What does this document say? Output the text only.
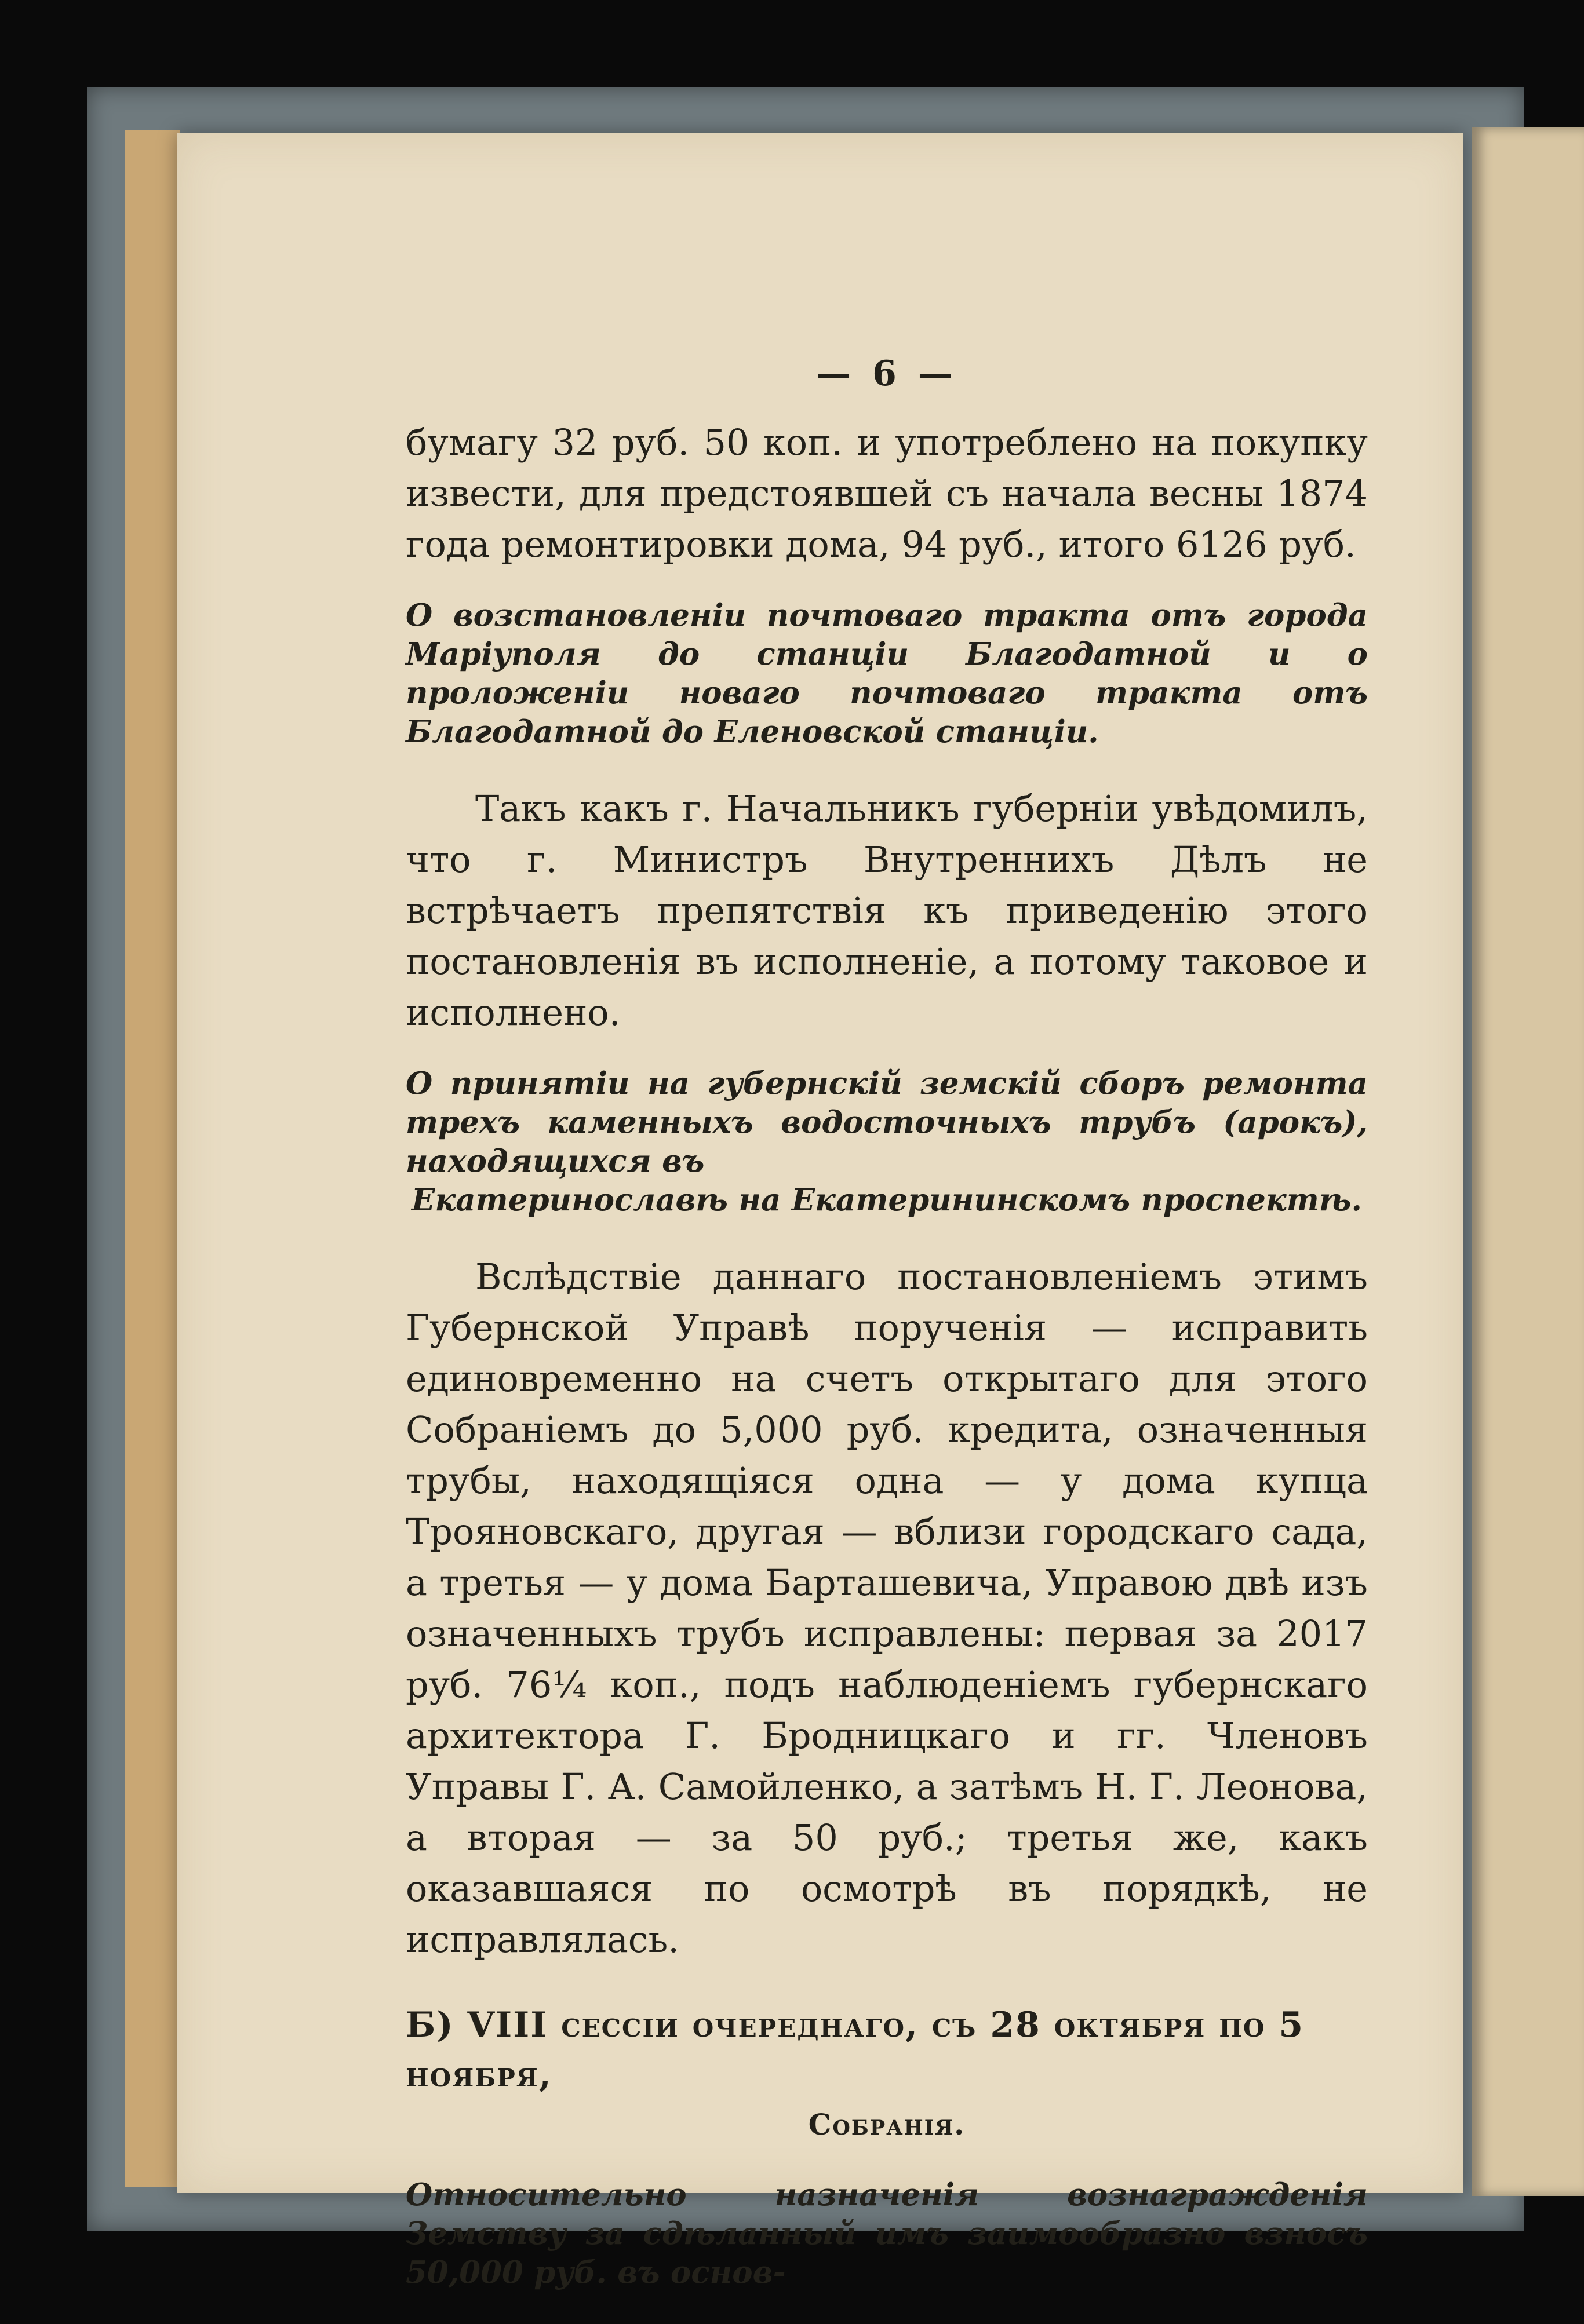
— 6 —

бумагу 32 руб. 50 коп. и употреблено на покупку извести, для предстоявшей съ начала весны 1874 года ремонтировки дома, 94 руб., итого 6126 руб.

О возстановленіи почтоваго тракта отъ города Маріуполя до станціи Благодатной и о проложеніи новаго почтоваго тракта отъ Благодатной до Еленовской станціи.

Такъ какъ г. Начальникъ губерніи увѣдомилъ, что г. Министръ Внутреннихъ Дѣлъ не встрѣчаетъ препятствія къ приведенію этого постановленія въ исполненіе, а потому таковое и исполнено.

О принятіи на губернскій земскій сборъ ремонта трехъ каменныхъ водосточныхъ трубъ (арокъ), находящихся въ
Екатеринославѣ на Екатерининскомъ проспектѣ.

Вслѣдствіе даннаго постановленіемъ этимъ Губернской Управѣ порученія — исправить единовременно на счетъ открытаго для этого Собраніемъ до 5,000 руб. кредита, означенныя трубы, находящіяся одна — у дома купца Трояновскаго, другая — вблизи городскаго сада, а третья — у дома Барташевича, Управою двѣ изъ означенныхъ трубъ исправлены: первая за 2017 руб. 76¼ коп., подъ наблюденіемъ губернскаго архитектора Г. Бродницкаго и гг. Членовъ Управы Г. А. Самойленко, а затѣмъ Н. Г. Леонова, а вторая — за 50 руб.; третья же, какъ оказавшаяся по осмотрѣ въ порядкѣ, не исправлялась.

Б) VIII сессіи очереднаго, съ 28 октября по 5 ноября,
Собранія.
Относительно назначенія вознагражденія Земству за сдѣланный имъ заимообразно взносъ 50,000 руб. въ основ-
